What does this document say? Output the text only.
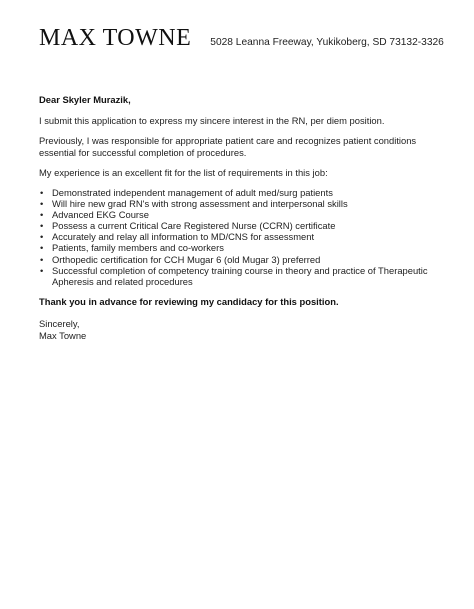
MAX TOWNE 5028 Leanna Freeway, Yukikoberg, SD 73132-3326

Dear Skyler Murazik,

I submit this application to express my sincere interest in the RN, per diem position.

Previously, I was responsible for appropriate patient care and recognizes patient conditions essential for successful completion of procedures.

My experience is an excellent fit for the list of requirements in this job:

• Demonstrated independent management of adult med/surg patients
• Will hire new grad RN's with strong assessment and interpersonal skills
• Advanced EKG Course
• Possess a current Critical Care Registered Nurse (CCRN) certificate
• Accurately and relay all information to MD/CNS for assessment
• Patients, family members and co-workers
• Orthopedic certification for CCH Mugar 6 (old Mugar 3) preferred
• Successful completion of competency training course in theory and practice of Therapeutic Apheresis and related procedures

Thank you in advance for reviewing my candidacy for this position.

Sincerely,

Max Towne
